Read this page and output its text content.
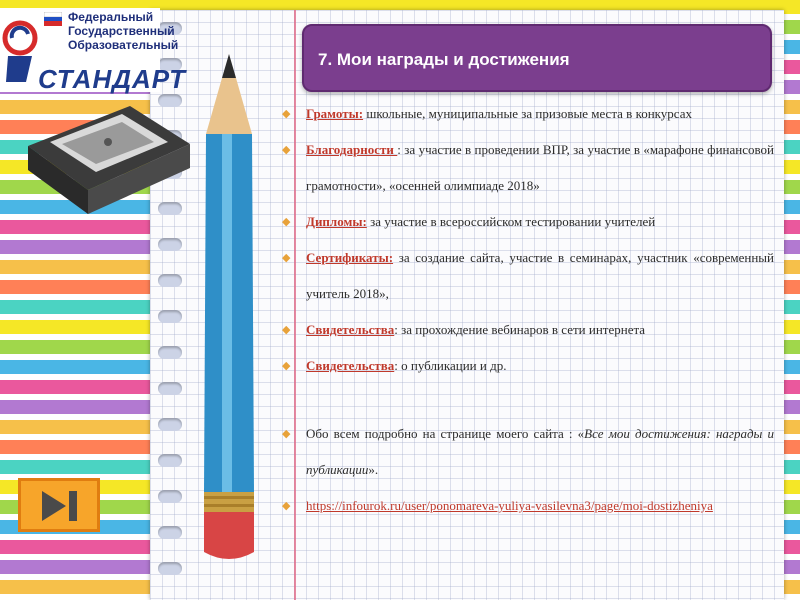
Федеральный
Государственный
Образовательный
СТАНДАРТ
7. Мои награды и достижения

◆ Грамоты: школьные, муниципальные за призовые места в конкурсах

◆ Благодарности : за участие в проведении ВПР, за участие в «марафоне финансовой грамотности», «осенней олимпиаде 2018»

◆ Дипломы: за участие в всероссийском тестировании учителей

◆ Сертификаты: за создание сайта, участие в семинарах, участник «современный учитель 2018»,

◆ Свидетельства: за прохождение вебинаров в сети интернета

◆ Свидетельства: о публикации и др.

◆ Обо всем подробно на странице моего сайта : «Все мои достижения: награды и публикации».

◆ https://infourok.ru/user/ponomareva-yuliya-vasilevna3/page/moi-dostizheniya
